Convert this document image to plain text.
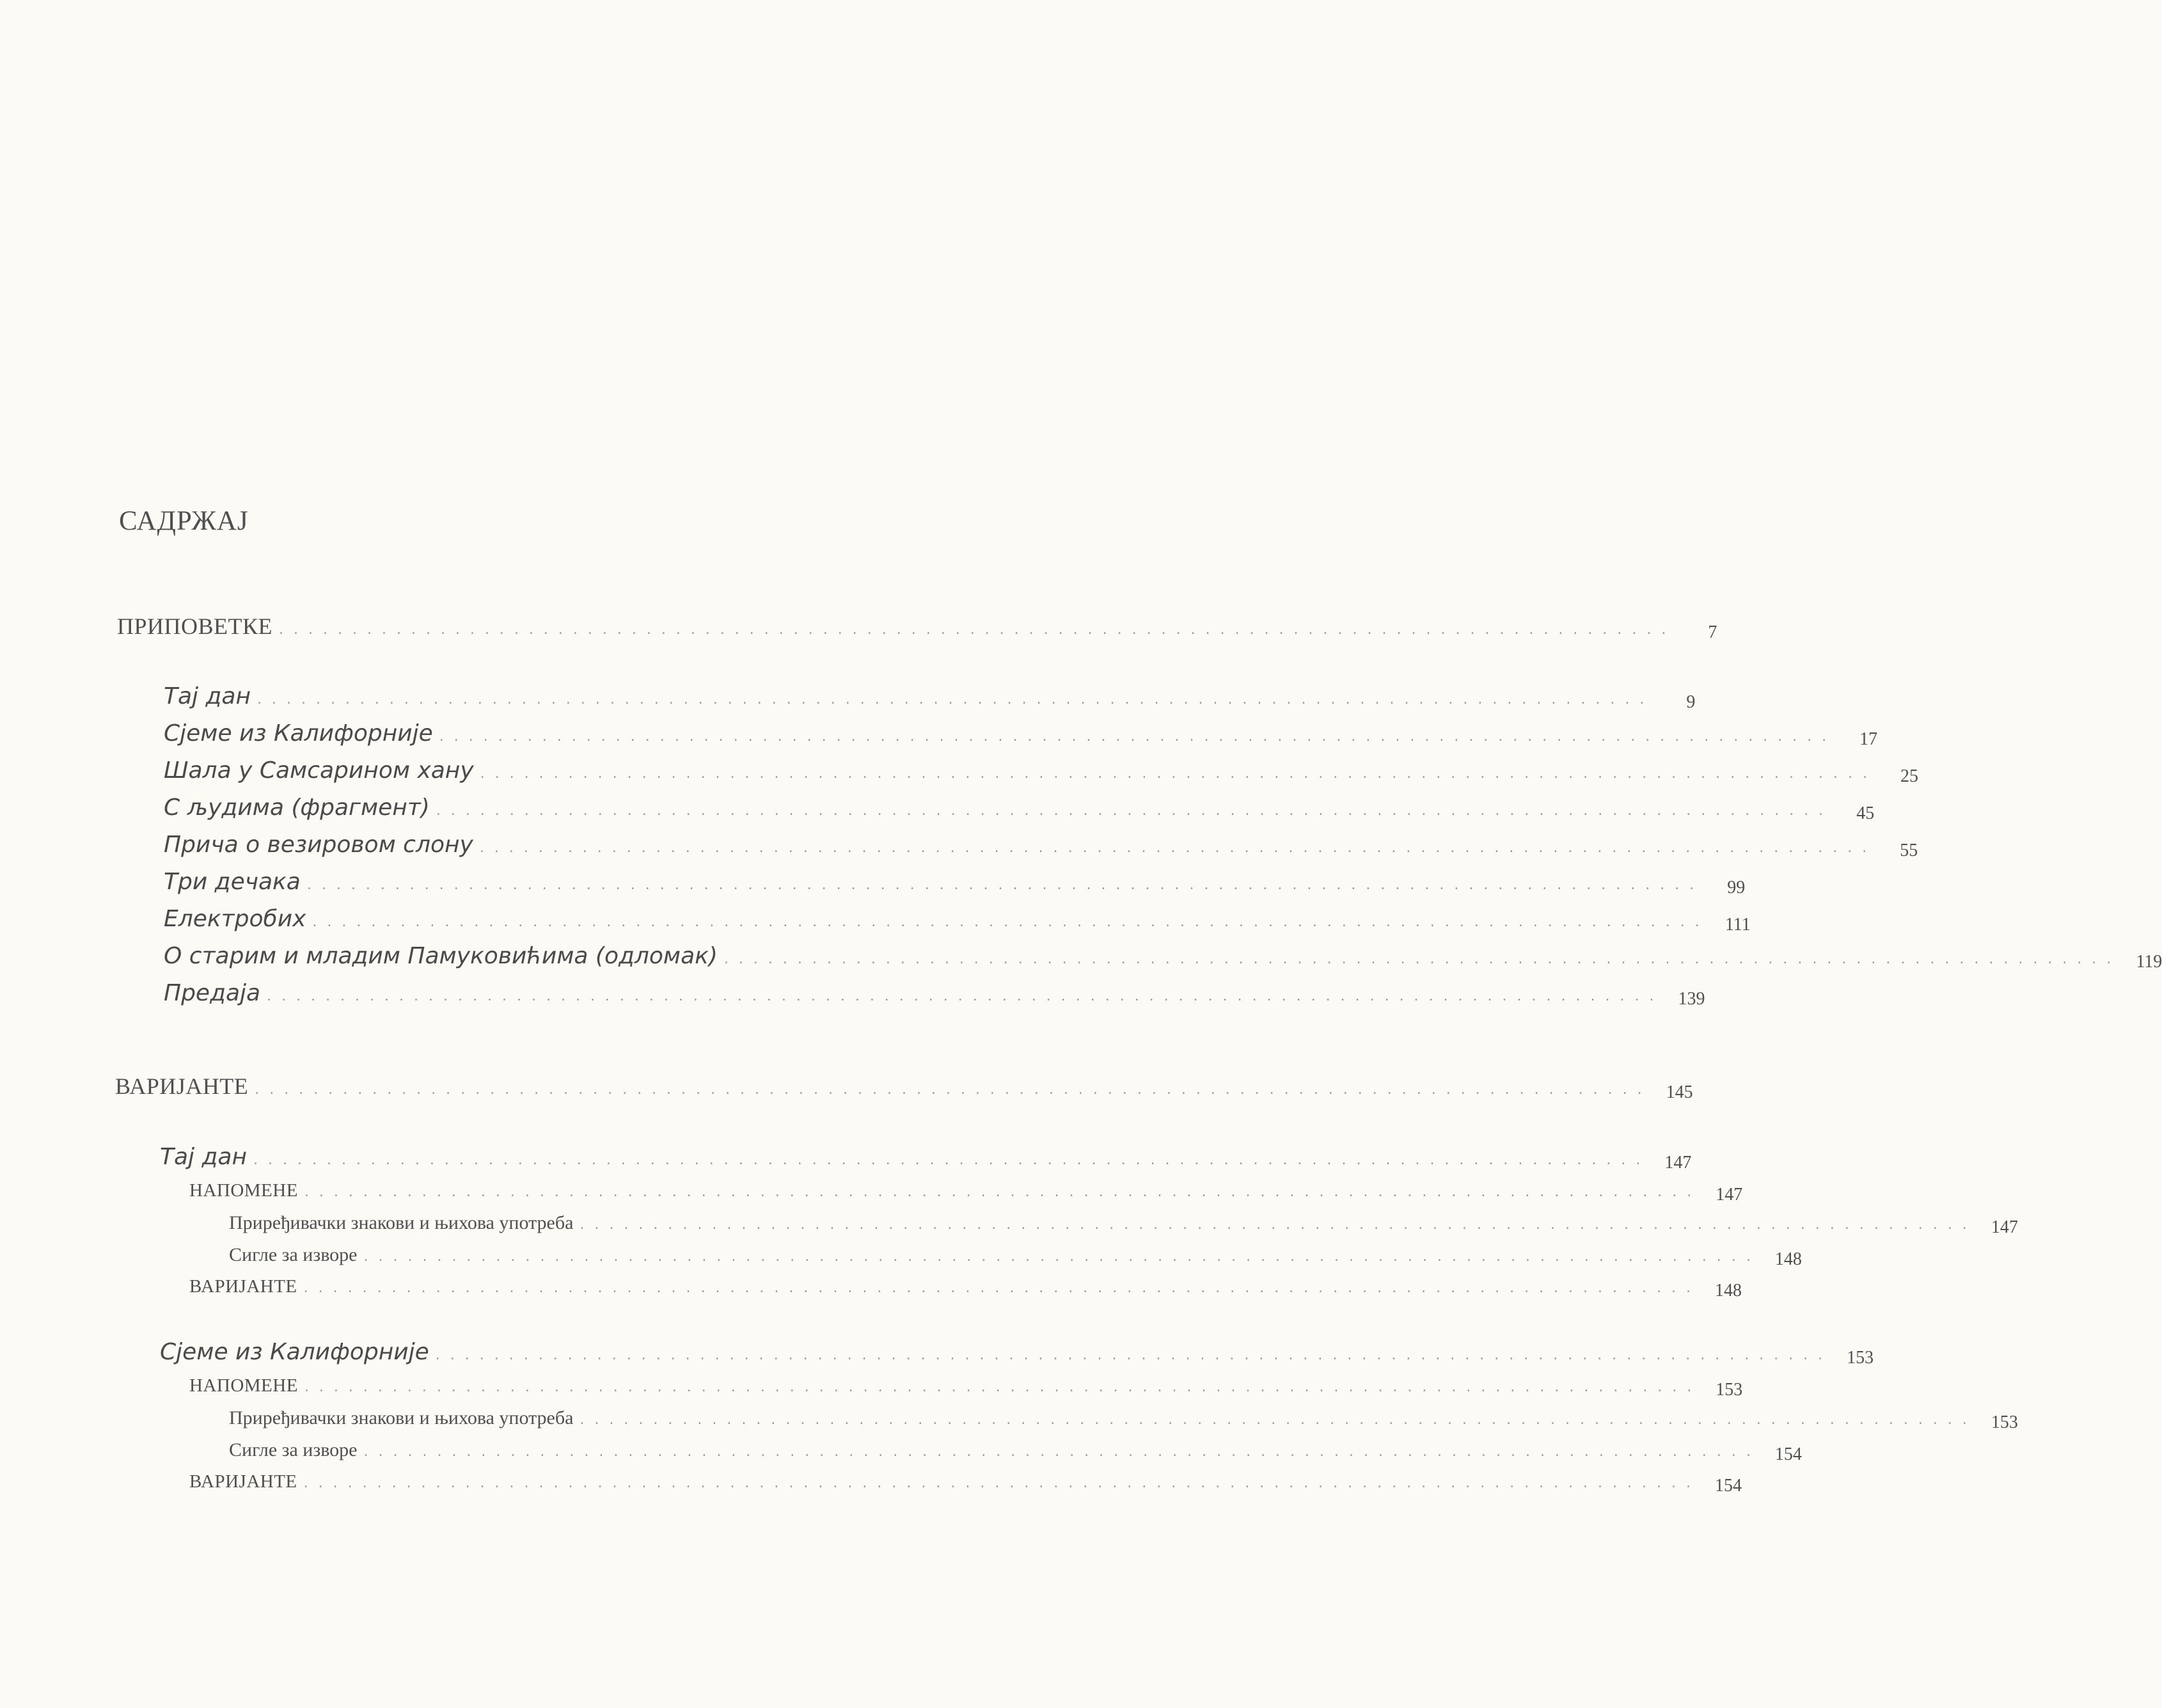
САДРЖАЈ
ПРИПОВЕТКЕ ...............................................................................................	7
Тај дан ...............................................................................................	9
Сјеме из Калифорније ...............................................................................................	17
Шала у Самсарином хану ...............................................................................................	25
С људима (фрагмент) ...............................................................................................	45
Прича о везировом слону ...............................................................................................	55
Три дечака ...............................................................................................	99
Електробих ............................................................................................... 111
О старим и младим Памуковићима (одломак) ............................................................................................... 119
Предаја ............................................................................................... 139
ВАРИЈАНТЕ ............................................................................................... 145
Тај дан ............................................................................................... 147
НАПОМЕНЕ ............................................................................................... 147
Приређивачки знакови и њихова употреба ............................................................................................... 147
Сигле за изворе ............................................................................................... 148
ВАРИЈАНТЕ ............................................................................................... 148
Сјеме из Калифорније ............................................................................................... 153
НАПОМЕНЕ ............................................................................................... 153
Приређивачки знакови и њихова употреба ............................................................................................... 153
Сигле за изворе ............................................................................................... 154
ВАРИЈАНТЕ ............................................................................................... 154
